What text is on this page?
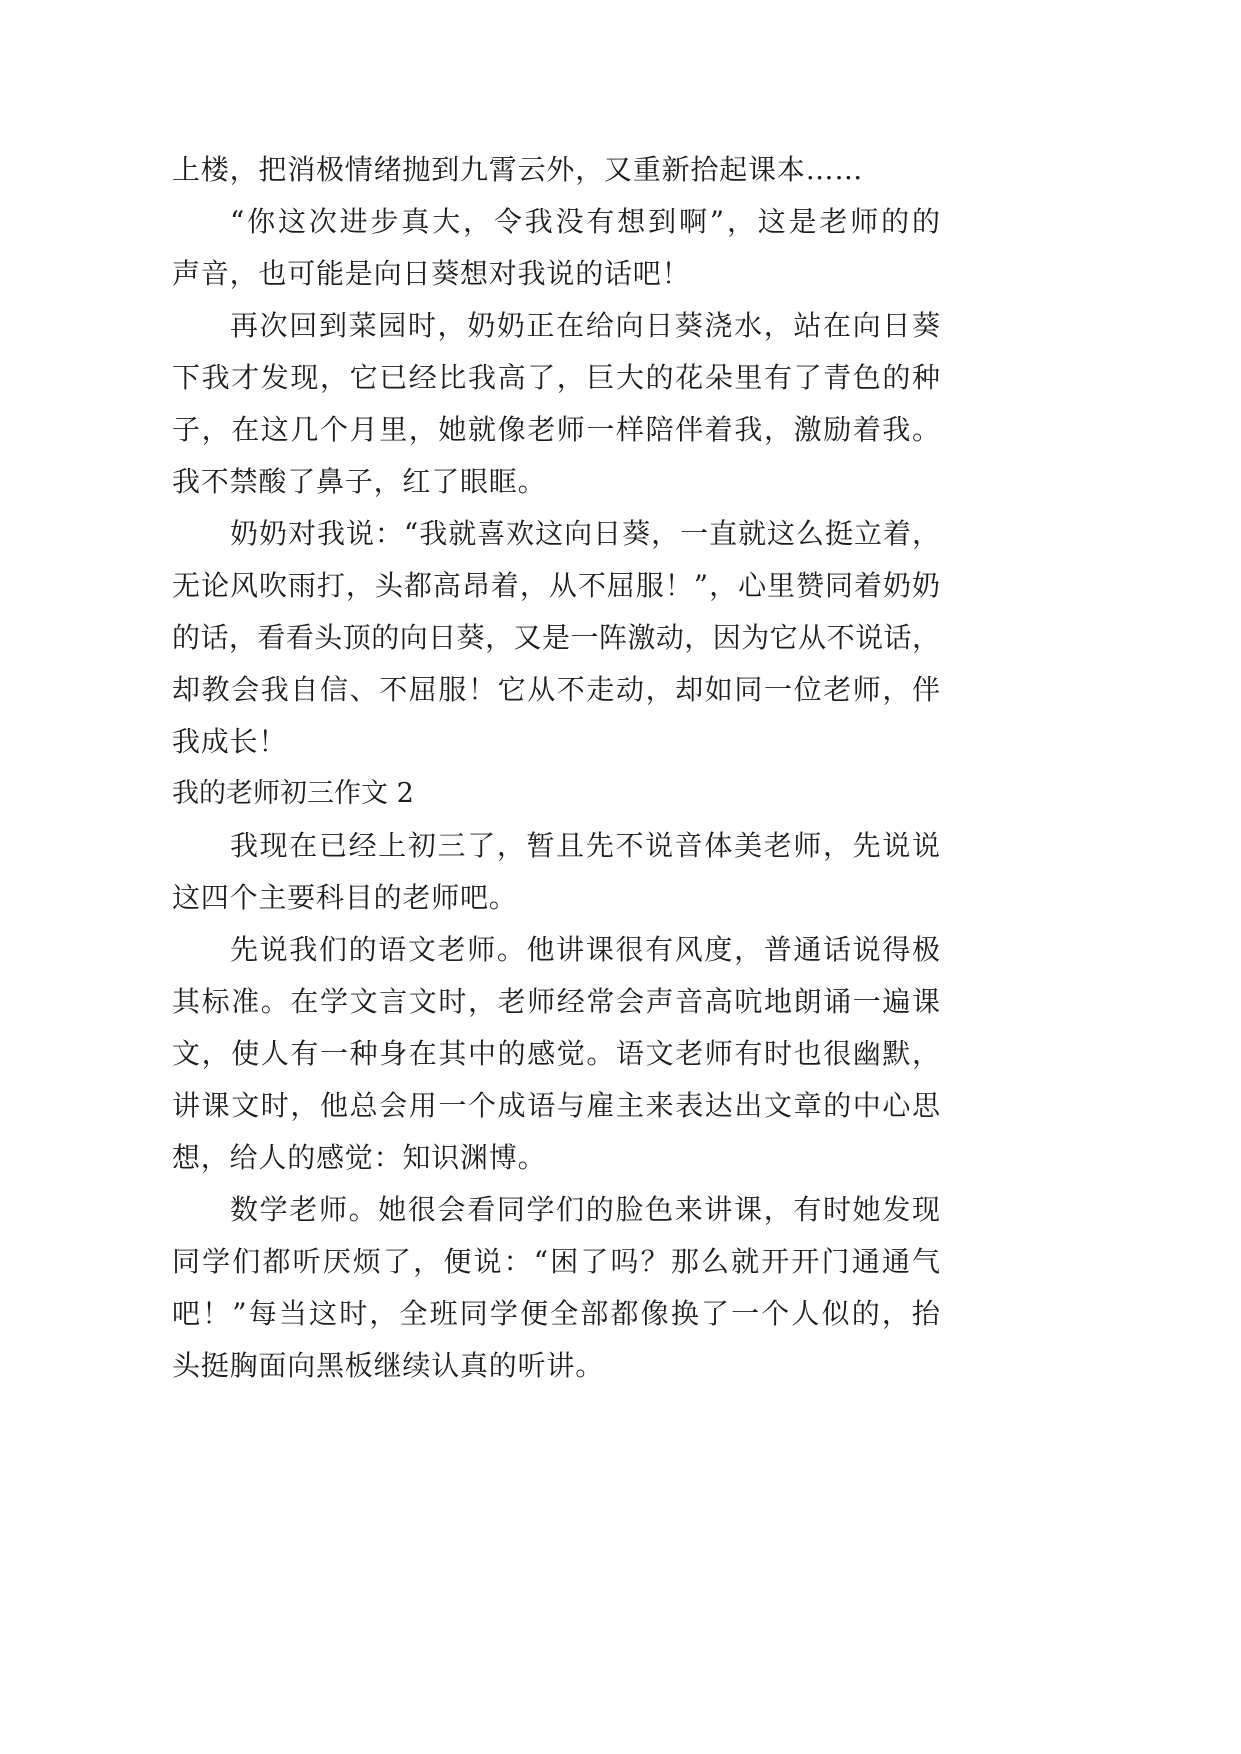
上楼，把消极情绪抛到九霄云外，又重新拾起课本……
“你这次进步真大，令我没有想到啊”，这是老师的的
声音，也可能是向日葵想对我说的话吧！
再次回到菜园时，奶奶正在给向日葵浇水，站在向日葵
下我才发现，它已经比我高了，巨大的花朵里有了青色的种
子，在这几个月里，她就像老师一样陪伴着我，激励着我。
我不禁酸了鼻子，红了眼眶。
奶奶对我说：“我就喜欢这向日葵，一直就这么挺立着，
无论风吹雨打，头都高昂着，从不屈服！”，心里赞同着奶奶
的话，看看头顶的向日葵，又是一阵激动，因为它从不说话，
却教会我自信、不屈服！它从不走动，却如同一位老师，伴
我成长！
我的老师初三作文 2
我现在已经上初三了，暂且先不说音体美老师，先说说
这四个主要科目的老师吧。
先说我们的语文老师。他讲课很有风度，普通话说得极
其标准。在学文言文时，老师经常会声音高吭地朗诵一遍课
文，使人有一种身在其中的感觉。语文老师有时也很幽默，
讲课文时，他总会用一个成语与雇主来表达出文章的中心思
想，给人的感觉：知识渊博。
数学老师。她很会看同学们的脸色来讲课，有时她发现
同学们都听厌烦了，便说：“困了吗？那么就开开门通通气
吧！”每当这时，全班同学便全部都像换了一个人似的，抬
头挺胸面向黑板继续认真的听讲。
